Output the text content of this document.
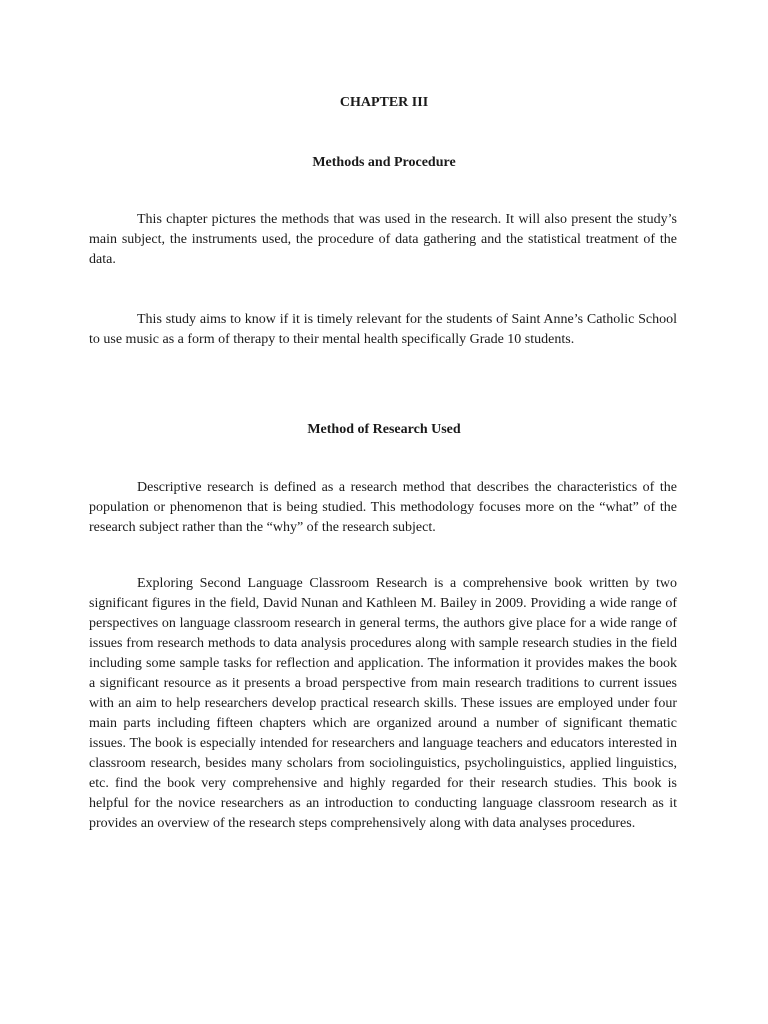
CHAPTER III
Methods and Procedure

This chapter pictures the methods that was used in the research. It will also present the study’s main subject, the instruments used, the procedure of data gathering and the statistical treatment of the data.

This study aims to know if it is timely relevant for the students of Saint Anne’s Catholic School to use music as a form of therapy to their mental health specifically Grade 10 students.

Method of Research Used

Descriptive research is defined as a research method that describes the characteristics of the population or phenomenon that is being studied. This methodology focuses more on the “what” of the research subject rather than the “why” of the research subject.

Exploring Second Language Classroom Research is a comprehensive book written by two significant figures in the field, David Nunan and Kathleen M. Bailey in 2009. Providing a wide range of perspectives on language classroom research in general terms, the authors give place for a wide range of issues from research methods to data analysis procedures along with sample research studies in the field including some sample tasks for reflection and application. The information it provides makes the book a significant resource as it presents a broad perspective from main research traditions to current issues with an aim to help researchers develop practical research skills. These issues are employed under four main parts including fifteen chapters which are organized around a number of significant thematic issues. The book is especially intended for researchers and language teachers and educators interested in classroom research, besides many scholars from sociolinguistics, psycholinguistics, applied linguistics, etc. find the book very comprehensive and highly regarded for their research studies. This book is helpful for the novice researchers as an introduction to conducting language classroom research as it provides an overview of the research steps comprehensively along with data analyses procedures.
